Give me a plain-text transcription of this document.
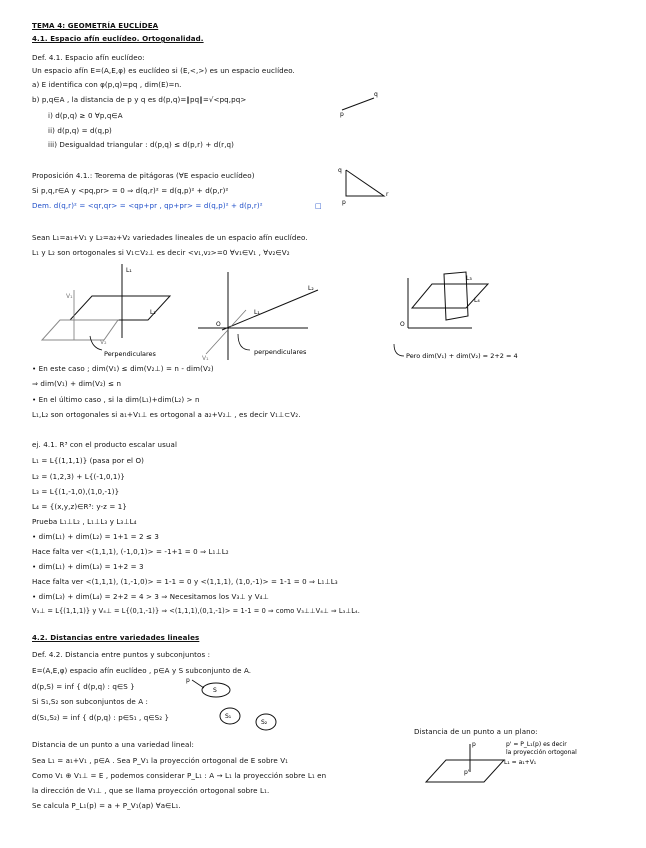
TEMA 4: GEOMETRÍA EUCLÍDEA
4.1. Espacio afín euclídeo. Ortogonalidad.
Def. 4.1. Espacio afín euclídeo:
Un espacio afín E=(A,E,φ) es euclídeo si (E,<,>) es un espacio euclídeo.
a) E identifica con φ(p,q)=pq , dim(E)=n.
b) p,q∈A , la distancia de p y q es d(p,q)=‖pq‖=√<pq,pq>
i) d(p,q) ≥ 0 ∀p,q∈A
ii) d(p,q) = d(q,p)
iii) Desigualdad triangular : d(p,q) ≤ d(p,r) + d(r,q)
p
q
Proposición 4.1.: Teorema de pitágoras (∀E espacio euclídeo)
Si p,q,r∈A y <pq,pr> = 0 ⇒ d(q,r)² = d(q,p)² + d(p,r)²
Dem. d(q,r)² = <qr,qr> = <qp+pr , qp+pr> = d(q,p)² + d(p,r)²	□
q
r
p
Sean L₁=a₁+V₁ y L₂=a₂+V₂ variedades lineales de un espacio afín euclídeo.
L₁ y L₂ son ortogonales si V₁⊂V₂⊥ es decir <v₁,v₂>=0 ∀v₁∈V₁ , ∀v₂∈V₂
L₁
L₁
V₁
V₂
Perpendiculares
L₂
L₁
O
V₁
perpendiculares
O
L₃
L₄
Pero dim(V₁) + dim(V₂) = 2+2 = 4
• En este caso ; dim(V₁) ≤ dim(V₂⊥) = n - dim(V₂)
⇒ dim(V₁) + dim(V₂) ≤ n
• En el último caso , si la dim(L₁)+dim(L₂) > n
L₁,L₂ son ortogonales si a₁+V₁⊥ es ortogonal a a₂+V₂⊥ , es decir V₁⊥⊂V₂.
ej. 4.1. R³ con el producto escalar usual
L₁ = L{(1,1,1)} (pasa por el O)
L₂ = (1,2,3) + L{(-1,0,1)}
L₃ = L{(1,-1,0),(1,0,-1)}
L₄ = {(x,y,z)∈R³: y-z = 1}
Prueba L₁⊥L₂ , L₁⊥L₃ y L₃⊥L₄
• dim(L₁) + dim(L₂) = 1+1 = 2 ≤ 3
Hace falta ver <(1,1,1), (-1,0,1)> = -1+1 = 0 ⇒ L₁⊥L₂
• dim(L₁) + dim(L₃) = 1+2 = 3
Hace falta ver <(1,1,1), (1,-1,0)> = 1-1 = 0 y <(1,1,1), (1,0,-1)> = 1-1 = 0 ⇒ L₁⊥L₃
• dim(L₃) + dim(L₄) = 2+2 = 4 > 3 ⇒ Necesitamos los V₃⊥ y V₄⊥
V₃⊥ = L{(1,1,1)} y V₄⊥ = L{(0,1,-1)} ⇒ <(1,1,1),(0,1,-1)> = 1-1 = 0 ⇒ como V₃⊥⊥V₄⊥ ⇒ L₃⊥L₄.
4.2. Distancias entre variedades lineales
Def. 4.2. Distancia entre puntos y subconjuntos :
E=(A,E,φ) espacio afín euclídeo , p∈A y S subconjunto de A.
d(p,S) = inf { d(p,q) : q∈S }
Si S₁,S₂ son subconjuntos de A :
d(S₁,S₂) = inf { d(p,q) : p∈S₁ , q∈S₂ }
p
S
S₁
S₂
Distancia de un punto a una variedad lineal:
Sea L₁ = a₁+V₁ , p∈A . Sea P_V₁ la proyección ortogonal de E sobre V₁
Como V₁ ⊕ V₁⊥ = E , podemos considerar P_L₁ : A → L₁ la proyección sobre L₁ en
la dirección de V₁⊥ , que se llama proyección ortogonal sobre L₁.
Se calcula P_L₁(p) = a + P_V₁(ap) ∀a∈L₁.
Distancia de un punto a un plano:
p
p'
p' = P_L₁(p) es decir
la proyección ortogonal
L₁ = a₁+V₁
